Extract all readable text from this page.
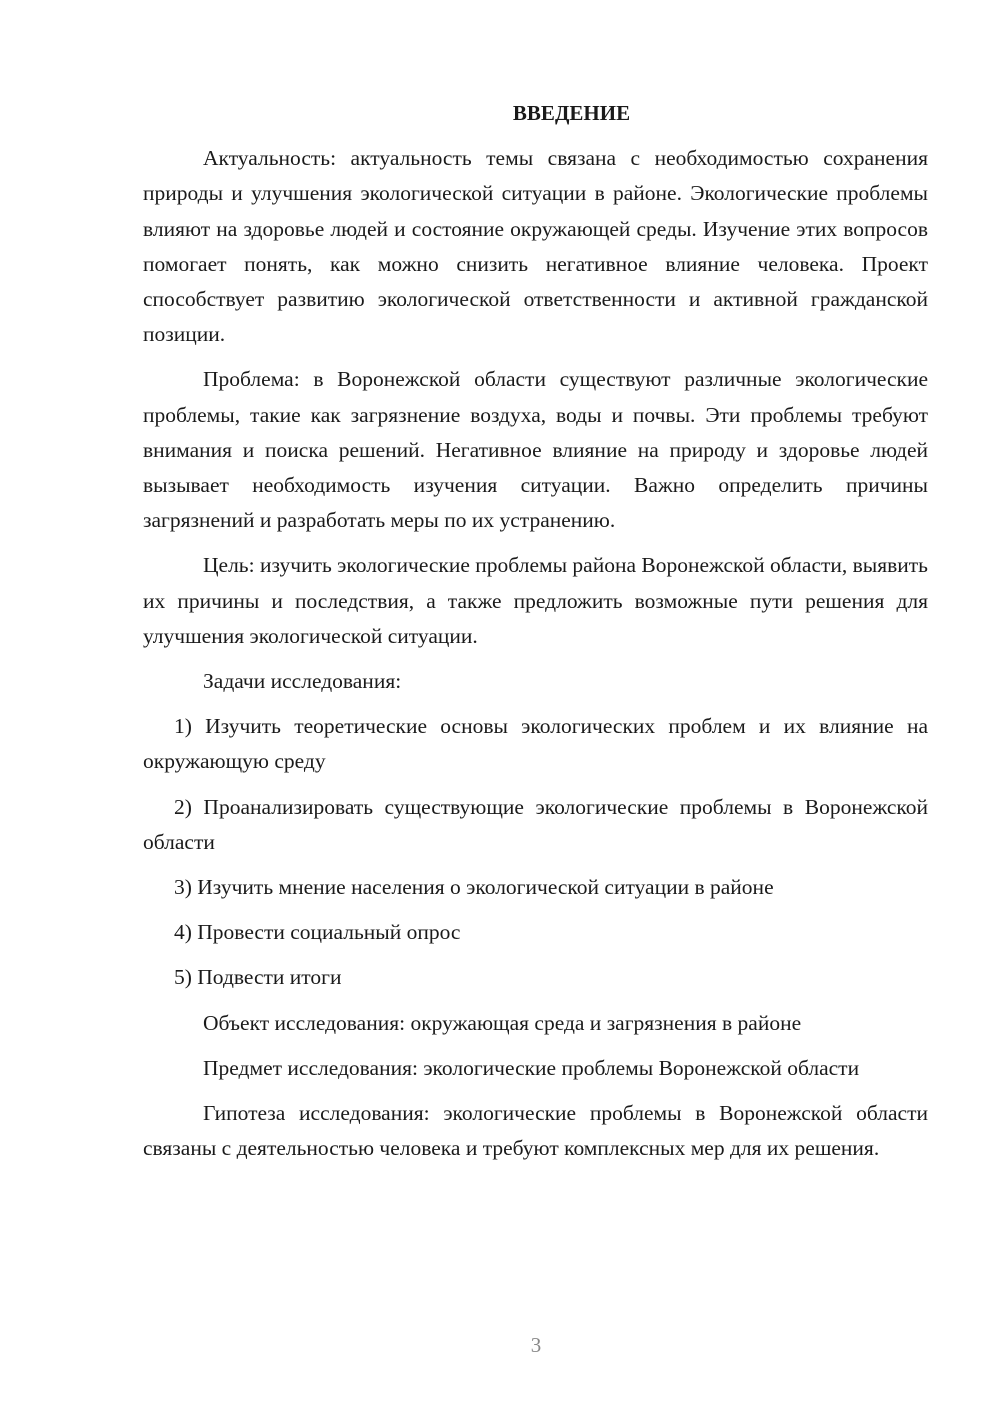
ВВЕДЕНИЕ

Актуальность: актуальность темы связана с необходимостью сохранения природы и улучшения экологической ситуации в районе. Экологические проблемы влияют на здоровье людей и состояние окружающей среды. Изучение этих вопросов помогает понять, как можно снизить негативное влияние человека. Проект способствует развитию экологической ответственности и активной гражданской позиции.

Проблема: в Воронежской области существуют различные экологические проблемы, такие как загрязнение воздуха, воды и почвы. Эти проблемы требуют внимания и поиска решений. Негативное влияние на природу и здоровье людей вызывает необходимость изучения ситуации. Важно определить причины загрязнений и разработать меры по их устранению.

Цель: изучить экологические проблемы района Воронежской области, выявить их причины и последствия, а также предложить возможные пути решения для улучшения экологической ситуации.

Задачи исследования:

1) Изучить теоретические основы экологических проблем и их влияние на окружающую среду

2) Проанализировать существующие экологические проблемы в Воронежской области

3) Изучить мнение населения о экологической ситуации в районе

4) Провести социальный опрос

5) Подвести итоги

Объект исследования: окружающая среда и загрязнения в районе

Предмет исследования: экологические проблемы Воронежской области

Гипотеза исследования: экологические проблемы в Воронежской области связаны с деятельностью человека и требуют комплексных мер для их решения.

3
